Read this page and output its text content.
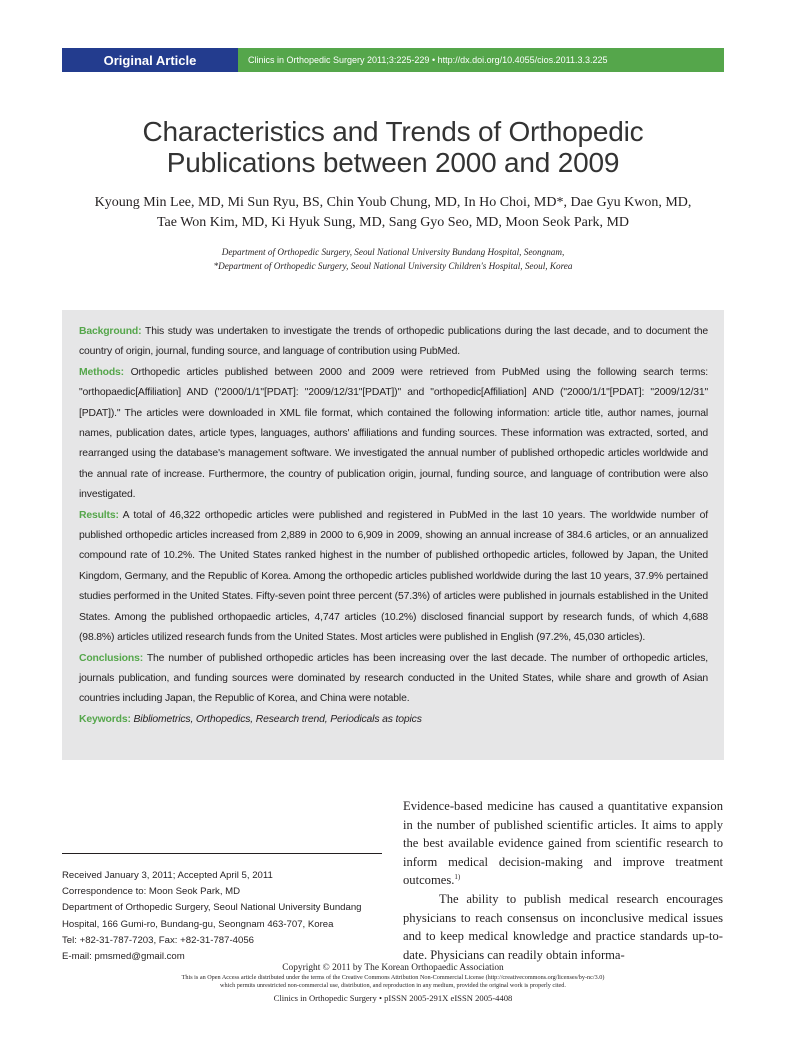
Original Article	Clinics in Orthopedic Surgery 2011;3:225-229 • http://dx.doi.org/10.4055/cios.2011.3.3.225
Characteristics and Trends of Orthopedic
Publications between 2000 and 2009
Kyoung Min Lee, MD, Mi Sun Ryu, BS, Chin Youb Chung, MD, In Ho Choi, MD*, Dae Gyu Kwon, MD,
Tae Won Kim, MD, Ki Hyuk Sung, MD, Sang Gyo Seo, MD, Moon Seok Park, MD
Department of Orthopedic Surgery, Seoul National University Bundang Hospital, Seongnam,
*Department of Orthopedic Surgery, Seoul National University Children's Hospital, Seoul, Korea

Background: This study was undertaken to investigate the trends of orthopedic publications during the last decade, and to document the country of origin, journal, funding source, and language of contribution using PubMed.

Methods: Orthopedic articles published between 2000 and 2009 were retrieved from PubMed using the following search terms: "orthopaedic[Affiliation] AND ("2000/1/1"[PDAT]: "2009/12/31"[PDAT])" and "orthopedic[Affiliation] AND ("2000/1/1"[PDAT]: "2009/12/31"[PDAT])." The articles were downloaded in XML file format, which contained the following information: article title, author names, journal names, publication dates, article types, languages, authors' affiliations and funding sources. These information was extracted, sorted, and rearranged using the database's management software. We investigated the annual number of published orthopedic articles worldwide and the annual rate of increase. Furthermore, the country of publication origin, journal, funding source, and language of contribution were also investigated.

Results: A total of 46,322 orthopedic articles were published and registered in PubMed in the last 10 years. The worldwide number of published orthopedic articles increased from 2,889 in 2000 to 6,909 in 2009, showing an annual increase of 384.6 articles, or an annualized compound rate of 10.2%. The United States ranked highest in the number of published orthopedic articles, followed by Japan, the United Kingdom, Germany, and the Republic of Korea. Among the orthopedic articles published worldwide during the last 10 years, 37.9% pertained studies performed in the United States. Fifty-seven point three percent (57.3%) of articles were published in journals established in the United States. Among the published orthopaedic articles, 4,747 articles (10.2%) disclosed financial support by research funds, of which 4,688 (98.8%) articles utilized research funds from the United States. Most articles were published in English (97.2%, 45,030 articles).

Conclusions: The number of published orthopedic articles has been increasing over the last decade. The number of orthopedic articles, journals publication, and funding sources were dominated by research conducted in the United States, while share and growth of Asian countries including Japan, the Republic of Korea, and China were notable.

Keywords: Bibliometrics, Orthopedics, Research trend, Periodicals as topics

Received January 3, 2011; Accepted April 5, 2011

Correspondence to: Moon Seok Park, MD

Department of Orthopedic Surgery, Seoul National University Bundang Hospital, 166 Gumi-ro, Bundang-gu, Seongnam 463-707, Korea

Tel: +82-31-787-7203, Fax: +82-31-787-4056

E-mail: pmsmed@gmail.com

Evidence-based medicine has caused a quantitative expansion in the number of published scientific articles. It aims to apply the best available evidence gained from scientific research to inform medical decision-making and improve treatment outcomes.$^{1)}$

The ability to publish medical research encourages physicians to reach consensus on inconclusive medical issues and to keep medical knowledge and practice standards up-to-date. Physicians can readily obtain informa-

Copyright © 2011 by The Korean Orthopaedic Association
This is an Open Access article distributed under the terms of the Creative Commons Attribution Non-Commercial License (http://creativecommons.org/licenses/by-nc/3.0)
which permits unrestricted non-commercial use, distribution, and reproduction in any medium, provided the original work is properly cited.
Clinics in Orthopedic Surgery • pISSN 2005-291X eISSN 2005-4408
